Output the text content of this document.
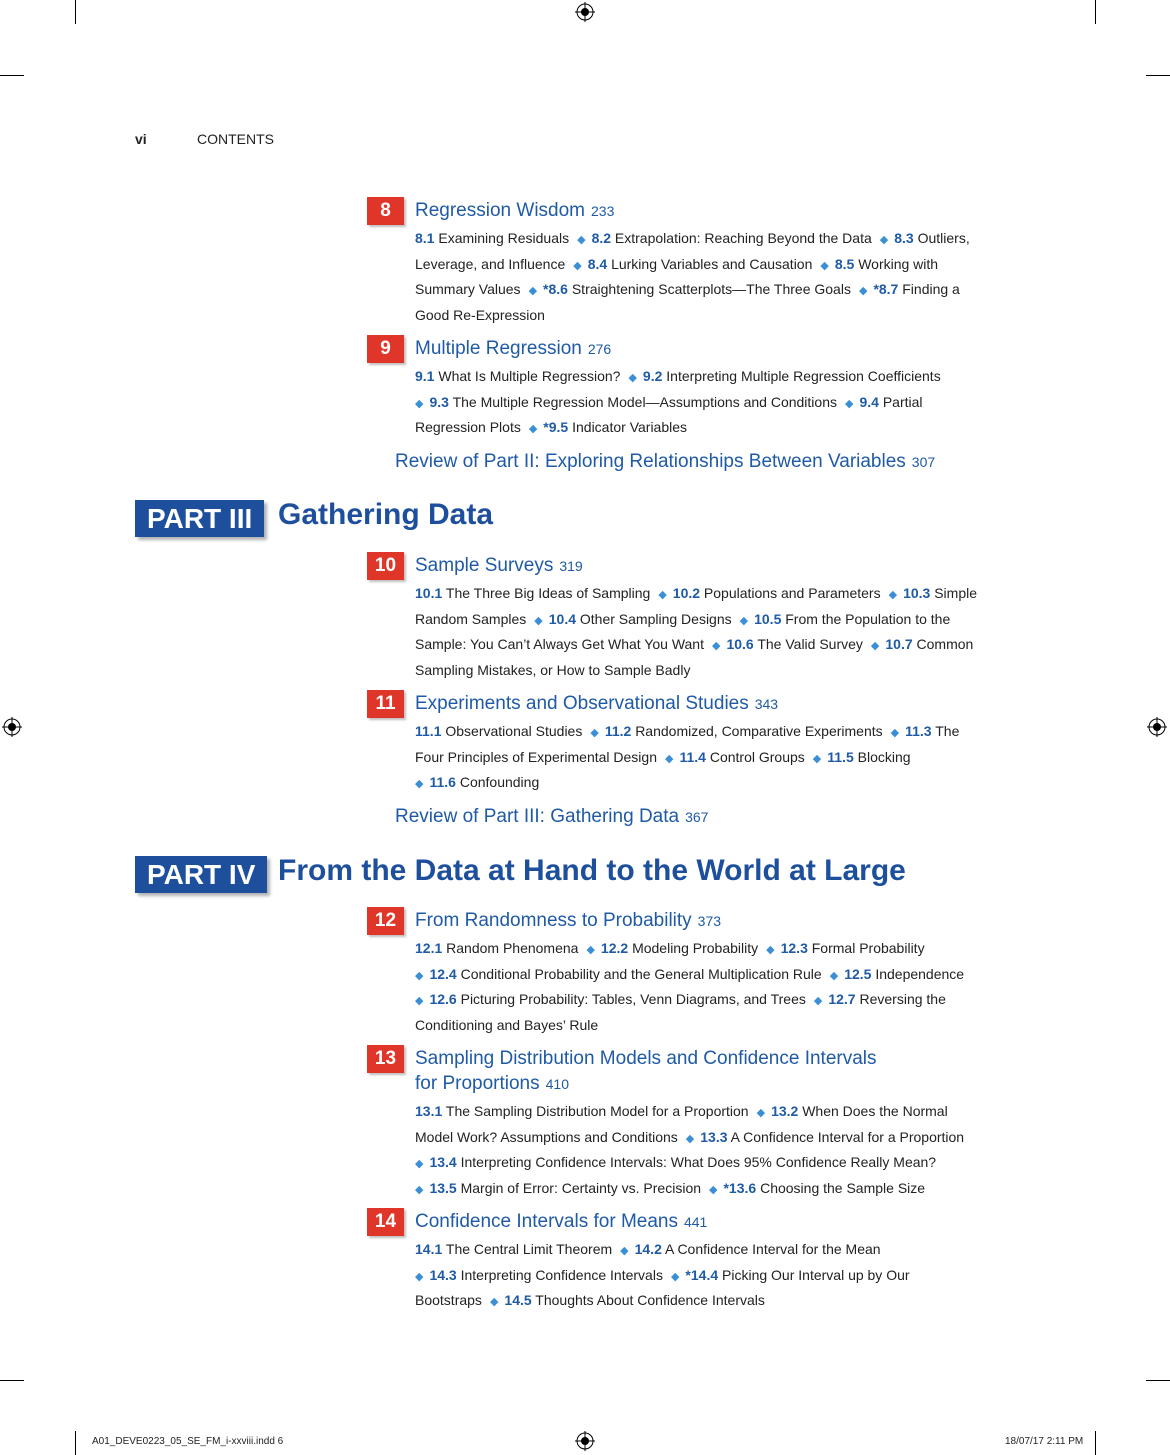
vi	CONTENTS
8	Regression Wisdom 233
8.1 Examining Residuals ◆ 8.2 Extrapolation: Reaching Beyond the Data ◆ 8.3 Outliers,
Leverage, and Influence ◆ 8.4 Lurking Variables and Causation ◆ 8.5 Working with
Summary Values ◆ *8.6 Straightening Scatterplots—The Three Goals ◆ *8.7 Finding a
Good Re-Expression
9	Multiple Regression 276
9.1 What Is Multiple Regression? ◆ 9.2 Interpreting Multiple Regression Coefficients
◆ 9.3 The Multiple Regression Model—Assumptions and Conditions ◆ 9.4 Partial
Regression Plots ◆ *9.5 Indicator Variables
Review of Part II: Exploring Relationships Between Variables 307
PART III Gathering Data
10 Sample Surveys 319
10.1 The Three Big Ideas of Sampling ◆ 10.2 Populations and Parameters ◆ 10.3 Simple
Random Samples ◆ 10.4 Other Sampling Designs ◆ 10.5 From the Population to the
Sample: You Can’t Always Get What You Want ◆ 10.6 The Valid Survey ◆ 10.7 Common
Sampling Mistakes, or How to Sample Badly
11	Experiments and Observational Studies 343
11.1 Observational Studies ◆ 11.2 Randomized, Comparative Experiments ◆ 11.3 The
Four Principles of Experimental Design ◆ 11.4 Control Groups ◆ 11.5 Blocking
◆ 11.6 Confounding
Review of Part III: Gathering Data 367
PART IV From the Data at Hand to the World at Large
12 From Randomness to Probability 373
12.1 Random Phenomena ◆ 12.2 Modeling Probability ◆ 12.3 Formal Probability
◆ 12.4 Conditional Probability and the General Multiplication Rule ◆ 12.5 Independence
◆ 12.6 Picturing Probability: Tables, Venn Diagrams, and Trees ◆ 12.7 Reversing the
Conditioning and Bayes’ Rule
13 Sampling Distribution Models and Confidence Intervals
for Proportions 410
13.1 The Sampling Distribution Model for a Proportion ◆ 13.2 When Does the Normal
Model Work? Assumptions and Conditions ◆ 13.3 A Confidence Interval for a Proportion
◆ 13.4 Interpreting Confidence Intervals: What Does 95% Confidence Really Mean?
◆ 13.5 Margin of Error: Certainty vs. Precision ◆ *13.6 Choosing the Sample Size
14 Confidence Intervals for Means 441
14.1 The Central Limit Theorem ◆ 14.2 A Confidence Interval for the Mean
◆ 14.3 Interpreting Confidence Intervals ◆ *14.4 Picking Our Interval up by Our
Bootstraps ◆ 14.5 Thoughts About Confidence Intervals
A01_DEVE0223_05_SE_FM_i-xxviii.indd 6	18/07/17 2:11 PM
